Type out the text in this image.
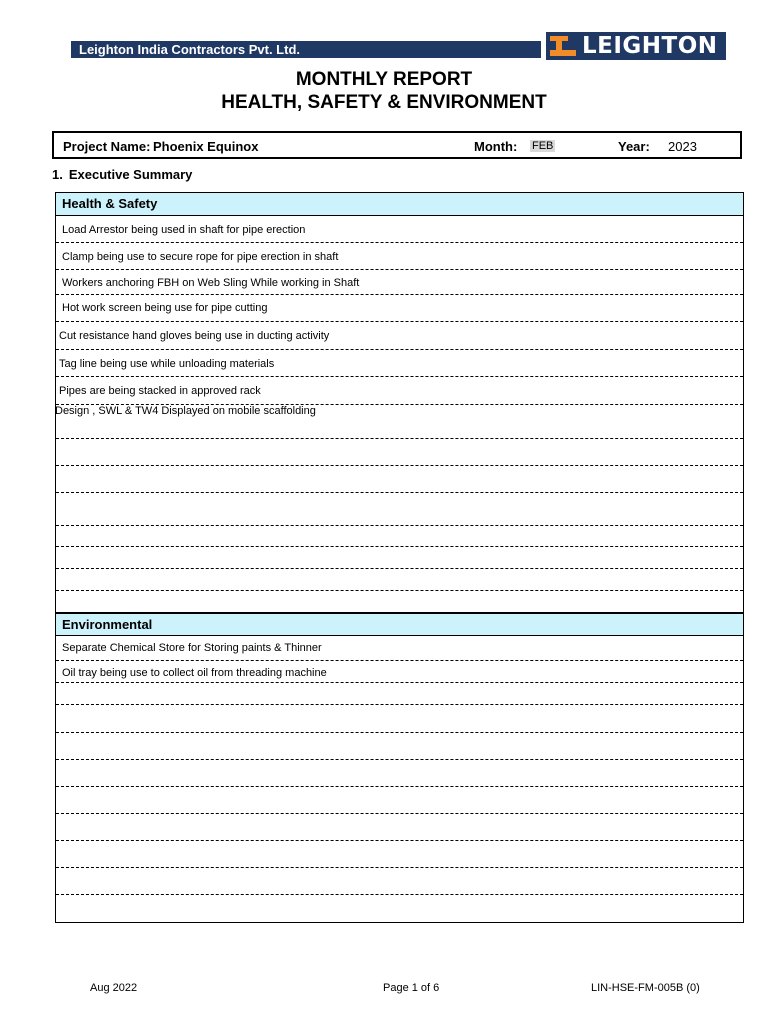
Leighton India Contractors Pvt. Ltd.	LEIGHTON
MONTHLY REPORT
HEALTH, SAFETY & ENVIRONMENT
Project Name: Phoenix Equinox	Month: FEB	Year: 2023
1. Executive Summary
Health & Safety
Load Arrestor being used in shaft for pipe erection
Clamp being use to secure rope for pipe erection in shaft
Workers anchoring FBH on Web Sling While working in Shaft
Hot work screen being use for pipe cutting
Cut resistance hand gloves being use in ducting activity
Tag line being use while unloading materials
Pipes are being stacked in approved rack
Design , SWL & TW4 Displayed on mobile scaffolding
Environmental
Separate Chemical Store for Storing paints & Thinner
Oil tray being use to collect oil from threading machine
Aug 2022	Page 1 of 6	LIN-HSE-FM-005B (0)
